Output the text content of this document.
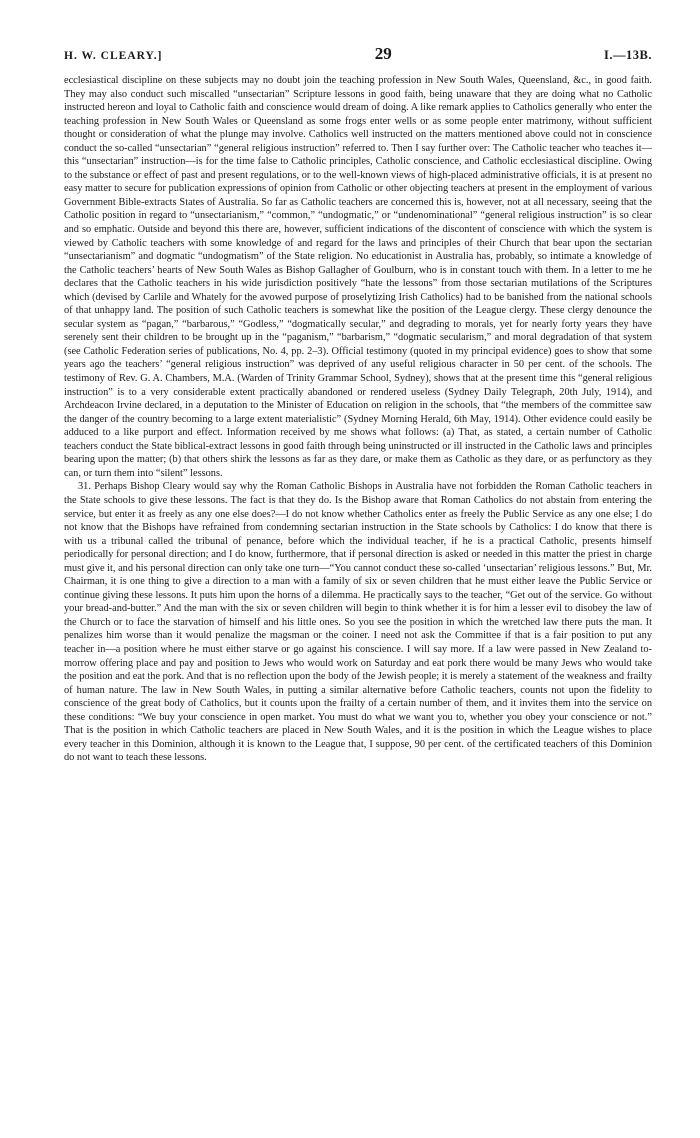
H. W. CLEARY.]	29	I.—13B.

ecclesiastical discipline on these subjects may no doubt join the teaching profession in New South Wales, Queensland, &c., in good faith. They may also conduct such miscalled “unsectarian” Scripture lessons in good faith, being unaware that they are doing what no Catholic instructed hereon and loyal to Catholic faith and conscience would dream of doing. A like remark applies to Catholics generally who enter the teaching profession in New South Wales or Queensland as some frogs enter wells or as some people enter matrimony, without sufficient thought or consideration of what the plunge may involve. Catholics well instructed on the matters mentioned above could not in conscience conduct the so-called “unsectarian” “general religious instruction” referred to. Then I say further over: The Catholic teacher who teaches it—this “unsectarian” instruction—is for the time false to Catholic principles, Catholic conscience, and Catholic ecclesiastical discipline. Owing to the substance or effect of past and present regulations, or to the well-known views of high-placed administrative officials, it is at present no easy matter to secure for publication expressions of opinion from Catholic or other objecting teachers at present in the employment of various Government Bible-extracts States of Australia. So far as Catholic teachers are concerned this is, however, not at all necessary, seeing that the Catholic position in regard to “unsectarianism,” “common,” “undogmatic,” or “undenominational” “general religious instruction” is so clear and so emphatic. Outside and beyond this there are, however, sufficient indications of the discontent of conscience with which the system is viewed by Catholic teachers with some knowledge of and regard for the laws and principles of their Church that bear upon the sectarian “unsectarianism” and dogmatic “undogmatism” of the State religion. No educationist in Australia has, probably, so intimate a knowledge of the Catholic teachers’ hearts of New South Wales as Bishop Gallagher of Goulburn, who is in constant touch with them. In a letter to me he declares that the Catholic teachers in his wide jurisdiction positively “hate the lessons” from those sectarian mutilations of the Scriptures which (devised by Carlile and Whately for the avowed purpose of proselytizing Irish Catholics) had to be banished from the national schools of that unhappy land. The position of such Catholic teachers is somewhat like the position of the League clergy. These clergy denounce the secular system as “pagan,” “barbarous,” “Godless,” “dogmatically secular,” and degrading to morals, yet for nearly forty years they have serenely sent their children to be brought up in the “paganism,” “barbarism,” “dogmatic secularism,” and moral degradation of that system (see Catholic Federation series of publications, No. 4, pp. 2–3). Official testimony (quoted in my principal evidence) goes to show that some years ago the teachers’ “general religious instruction” was deprived of any useful religious character in 50 per cent. of the schools. The testimony of Rev. G. A. Chambers, M.A. (Warden of Trinity Grammar School, Sydney), shows that at the present time this “general religious instruction” is to a very considerable extent practically abandoned or rendered useless (Sydney Daily Telegraph, 20th July, 1914), and Archdeacon Irvine declared, in a deputation to the Minister of Education on religion in the schools, that “the members of the committee saw the danger of the country becoming to a large extent materialistic” (Sydney Morning Herald, 6th May, 1914). Other evidence could easily be adduced to a like purport and effect. Information received by me shows what follows: (a) That, as stated, a certain number of Catholic teachers conduct the State biblical-extract lessons in good faith through being uninstructed or ill instructed in the Catholic laws and principles bearing upon the matter; (b) that others shirk the lessons as far as they dare, or make them as Catholic as they dare, or as perfunctory as they can, or turn them into “silent” lessons.

31. Perhaps Bishop Cleary would say why the Roman Catholic Bishops in Australia have not forbidden the Roman Catholic teachers in the State schools to give these lessons. The fact is that they do. Is the Bishop aware that Roman Catholics do not abstain from entering the service, but enter it as freely as any one else does?—I do not know whether Catholics enter as freely the Public Service as any one else; I do not know that the Bishops have refrained from condemning sectarian instruction in the State schools by Catholics: I do know that there is with us a tribunal called the tribunal of penance, before which the individual teacher, if he is a practical Catholic, presents himself periodically for personal direction; and I do know, furthermore, that if personal direction is asked or needed in this matter the priest in charge must give it, and his personal direction can only take one turn—“You cannot conduct these so-called ‘unsectarian’ religious lessons.” But, Mr. Chairman, it is one thing to give a direction to a man with a family of six or seven children that he must either leave the Public Service or continue giving these lessons. It puts him upon the horns of a dilemma. He practically says to the teacher, “Get out of the service. Go without your bread-and-butter.” And the man with the six or seven children will begin to think whether it is for him a lesser evil to disobey the law of the Church or to face the starvation of himself and his little ones. So you see the position in which the wretched law there puts the man. It penalizes him worse than it would penalize the magsman or the coiner. I need not ask the Committee if that is a fair position to put any teacher in—a position where he must either starve or go against his conscience. I will say more. If a law were passed in New Zealand to-morrow offering place and pay and position to Jews who would work on Saturday and eat pork there would be many Jews who would take the position and eat the pork. And that is no reflection upon the body of the Jewish people; it is merely a statement of the weakness and frailty of human nature. The law in New South Wales, in putting a similar alternative before Catholic teachers, counts not upon the fidelity to conscience of the great body of Catholics, but it counts upon the frailty of a certain number of them, and it invites them into the service on these conditions: “We buy your conscience in open market. You must do what we want you to, whether you obey your conscience or not.” That is the position in which Catholic teachers are placed in New South Wales, and it is the position in which the League wishes to place every teacher in this Dominion, although it is known to the League that, I suppose, 90 per cent. of the certificated teachers of this Dominion do not want to teach these lessons.
